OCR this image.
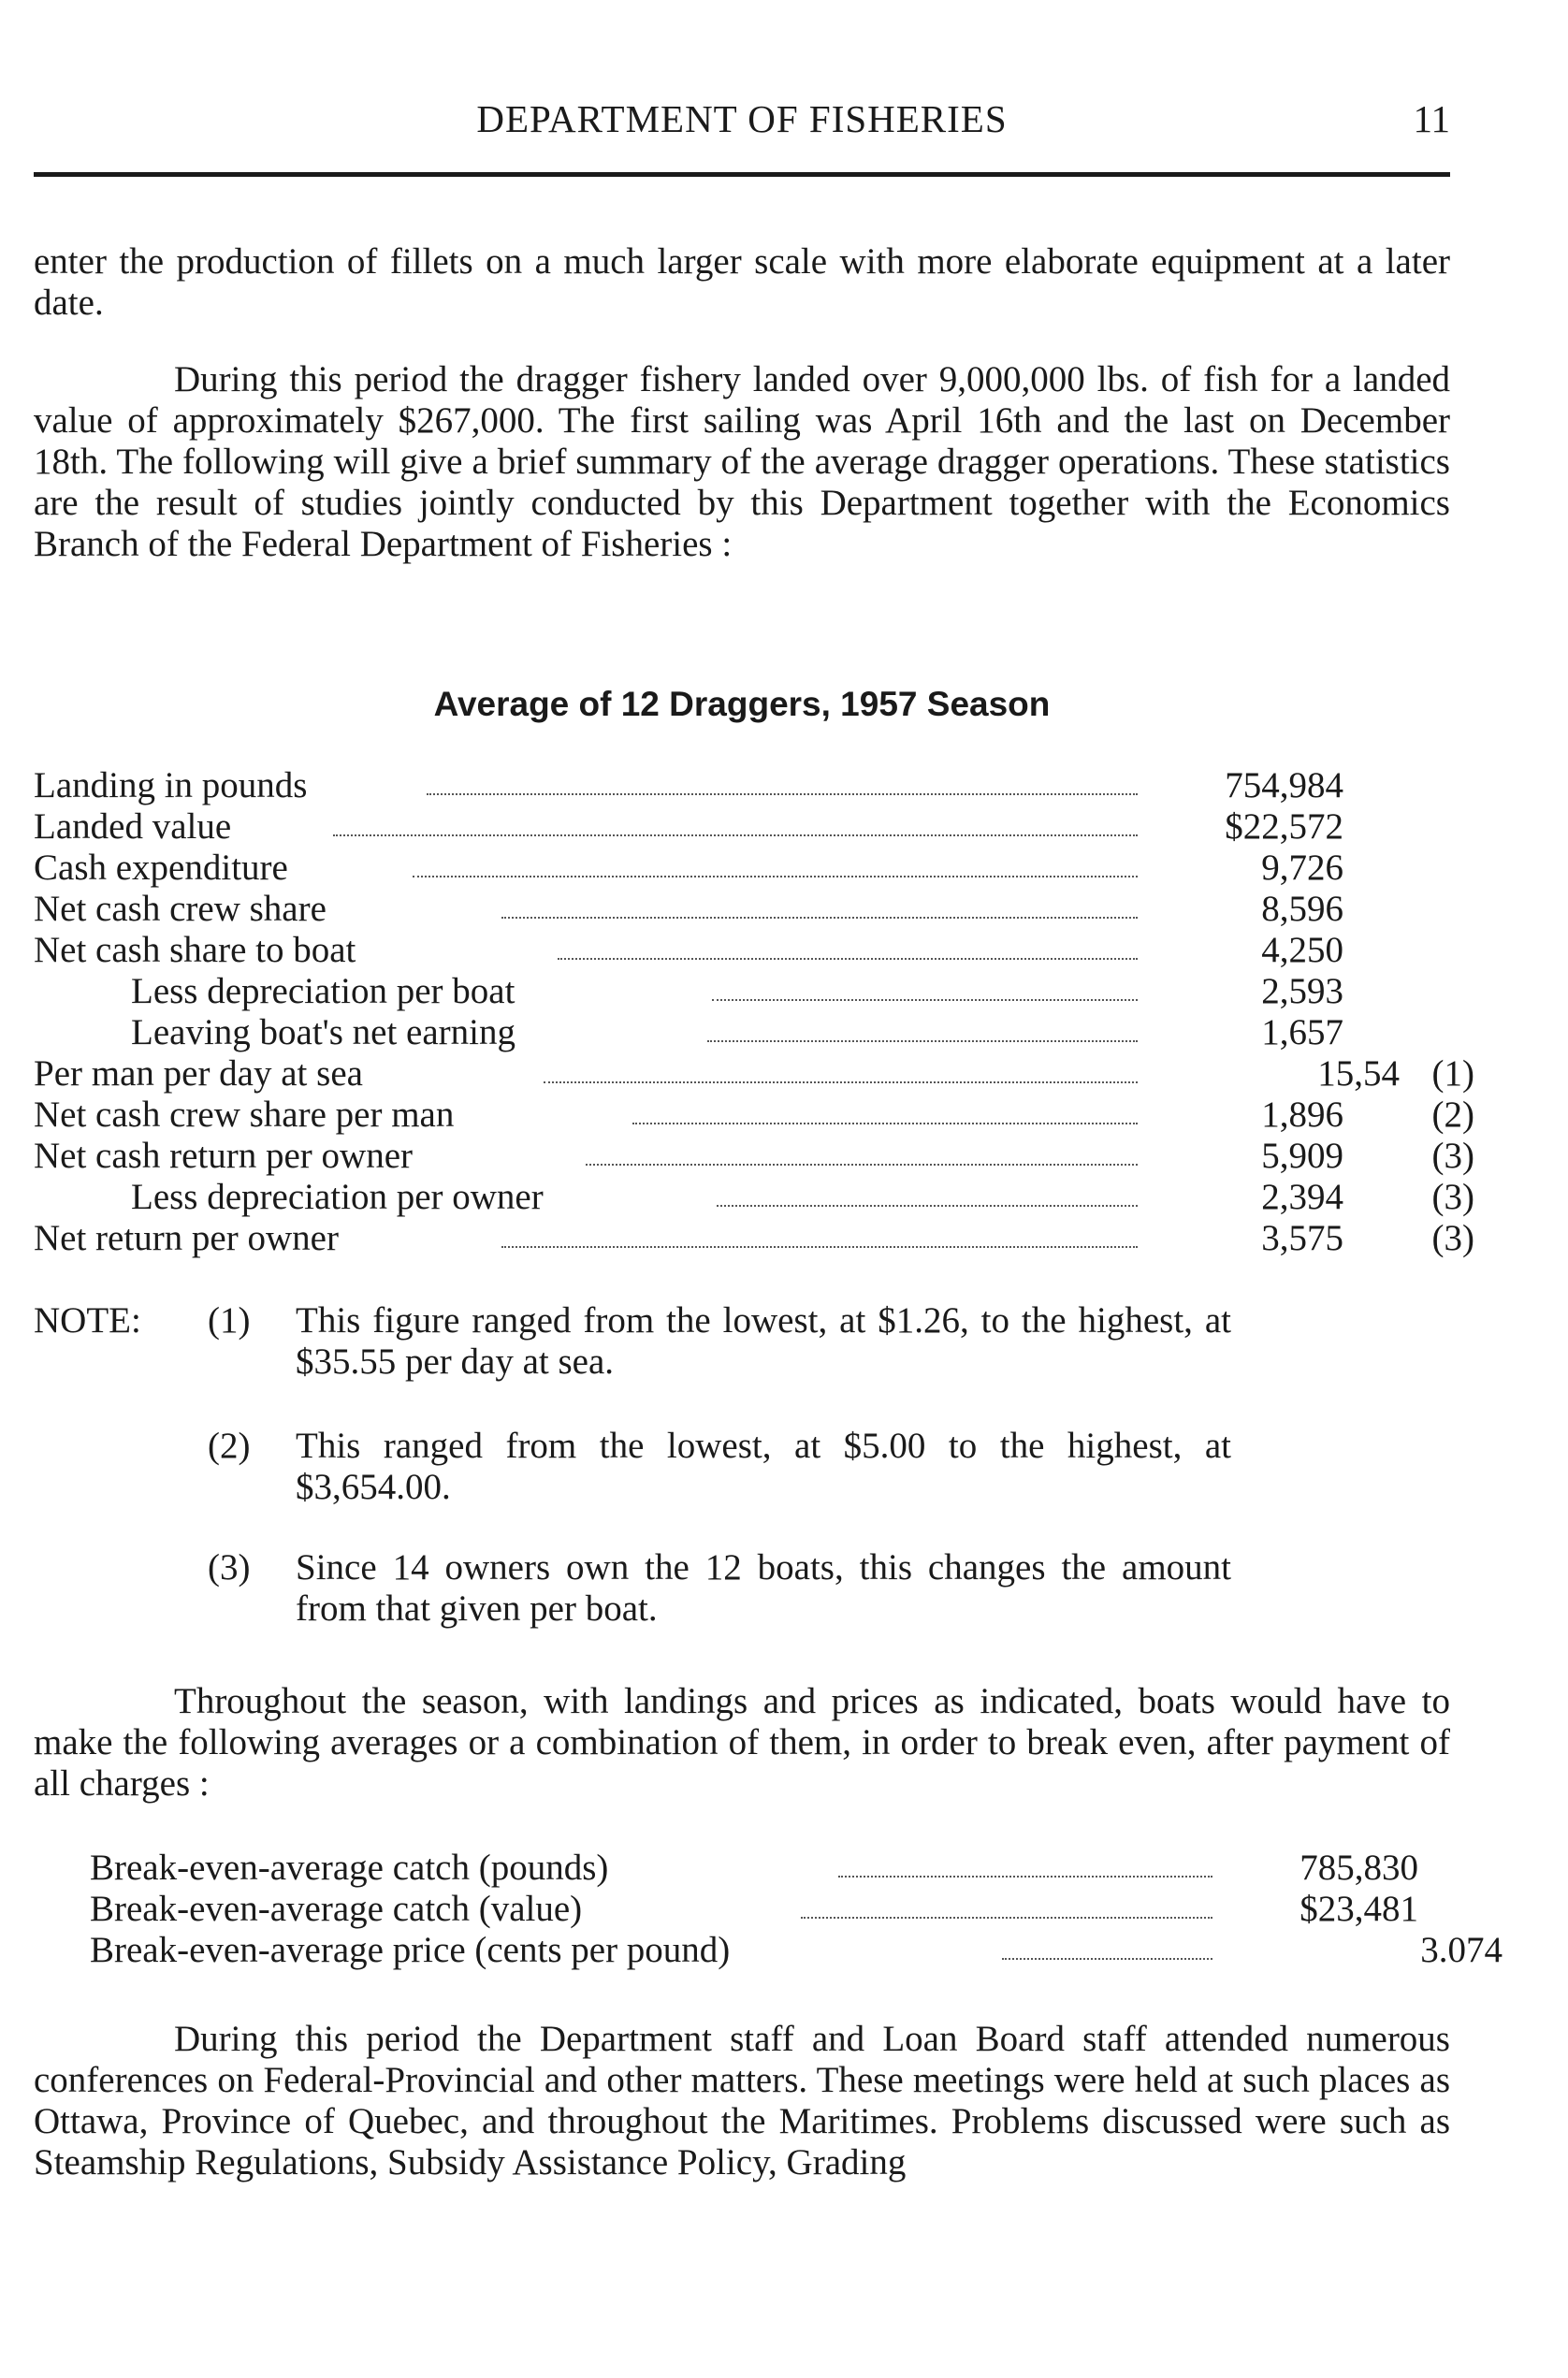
DEPARTMENT OF FISHERIES	11

enter the production of fillets on a much larger scale with more elaborate equipment at a later date.

During this period the dragger fishery landed over 9,000,000 lbs. of fish for a landed value of approximately $267,000. The first sailing was April 16th and the last on December 18th. The following will give a brief summary of the average dragger operations. These statistics are the result of studies jointly conducted by this Department together with the Economics Branch of the Federal Department of Fisheries :

Average of 12 Draggers, 1957 Season

Landing in pounds	754,984
Landed value	$22,572
Cash expenditure	9,726
Net cash crew share	8,596
Net cash share to boat	4,250
Less depreciation per boat	2,593
Leaving boat's net earning	1,657
Per man per day at sea	15,54 (1)
Net cash crew share per man	1,896	(2)
Net cash return per owner	5,909	(3)
Less depreciation per owner	2,394	(3)
Net return per owner	3,575	(3)
NOTE: (1) This figure ranged from the lowest, at $1.26, to the highest, at $35.55 per day at sea.
(2) This ranged from the lowest, at $5.00 to the highest, at $3,654.00.
(3) Since 14 owners own the 12 boats, this changes the amount from that given per boat.

Throughout the season, with landings and prices as indicated, boats would have to make the following averages or a combination of them, in order to break even, after payment of all charges :

Break-even-average catch (pounds)	785,830
Break-even-average catch (value)	$23,481
Break-even-average price (cents per pound)	3.074

During this period the Department staff and Loan Board staff attended numerous conferences on Federal-Provincial and other matters. These meetings were held at such places as Ottawa, Province of Quebec, and throughout the Maritimes. Problems discussed were such as Steamship Regulations, Subsidy Assistance Policy, Grading
